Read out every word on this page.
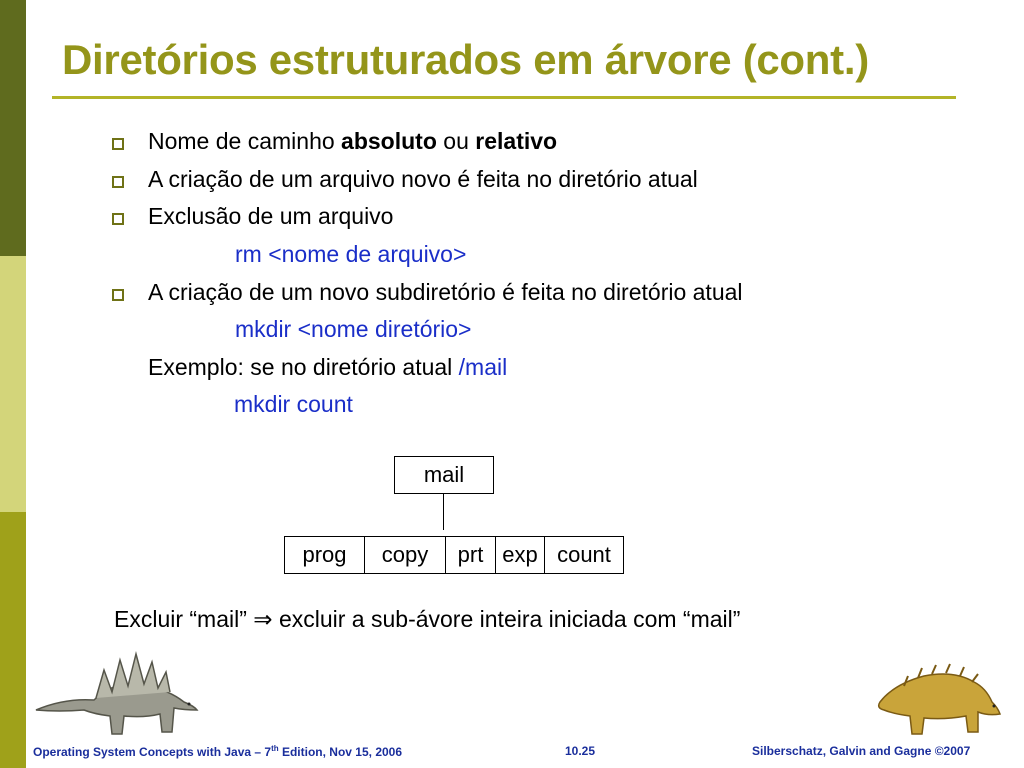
Diretórios estruturados em árvore (cont.)
Nome de caminho absoluto ou relativo
A criação de um arquivo novo é feita no diretório atual
Exclusão de um arquivo
rm <nome de arquivo>
A criação de um novo subdiretório é feita no diretório atual
mkdir <nome diretório>
Exemplo: se no diretório atual /mail
mkdir count
mail
prog	copy	prt exp count
Excluir “mail” ⇒ excluir a sub-ávore inteira iniciada com “mail”
Operating System Concepts with Java – 7th Edition, Nov 15, 2006	10.25	Silberschatz, Galvin and Gagne ©2007
